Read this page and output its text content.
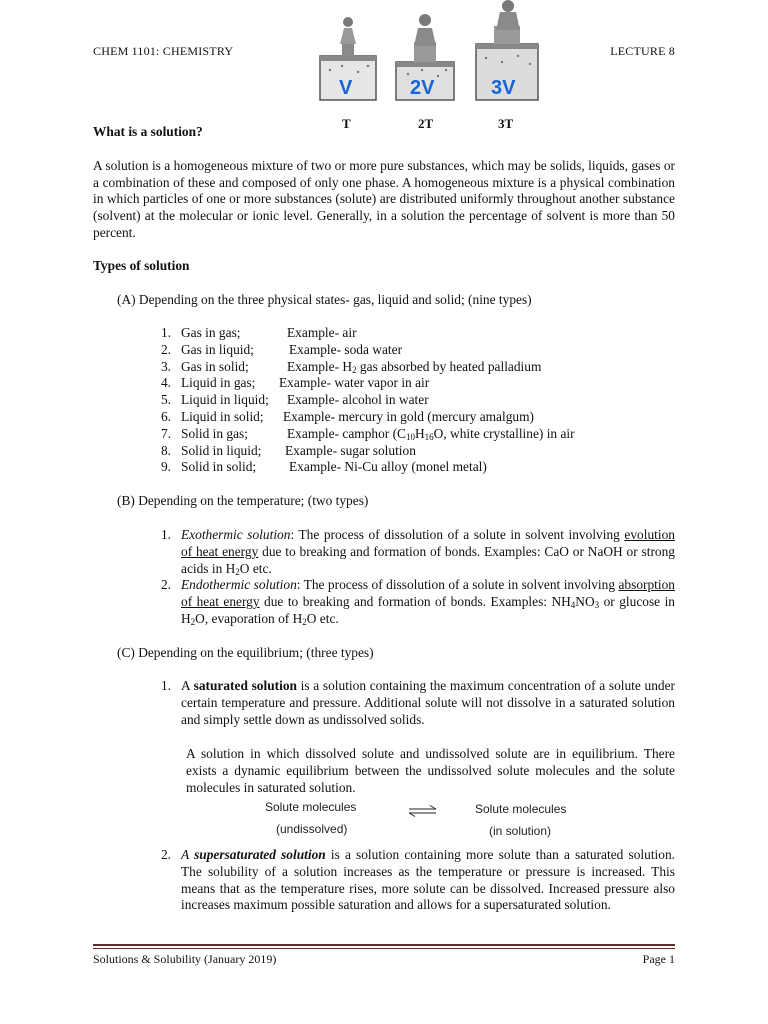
CHEM 1101: CHEMISTRY	LECTURE 8
V	2V	3V
T	2T	3T
What is a solution?

A solution is a homogeneous mixture of two or more pure substances, which may be solids, liquids, gases or a combination of these and composed of only one phase. A homogeneous mixture is a physical combination in which particles of one or more substances (solute) are distributed uniformly throughout another substance (solvent) at the molecular or ionic level. Generally, in a solution the percentage of solvent is more than 50 percent.

Types of solution
(A) Depending on the three physical states- gas, liquid and solid; (nine types)
1. Gas in gas;	Example- air
2. Gas in liquid;	Example- soda water
3. Gas in solid;	Example- $H_2$ gas absorbed by heated palladium
4. Liquid in gas;	Example- water vapor in air
5. Liquid in liquid;	Example- alcohol in water
6. Liquid in solid;	Example- mercury in gold (mercury amalgum)
7. Solid in gas;	Example- camphor ($C_{10}H_{16}O$, white crystalline) in air
8. Solid in liquid;	Example- sugar solution
9. Solid in solid;	Example- Ni-Cu alloy (monel metal)
(B) Depending on the temperature; (two types)
1. Exothermic solution: The process of dissolution of a solute in solvent involving evolution of heat energy due to breaking and formation of bonds. Examples: CaO or NaOH or strong acids in $H_2O$ etc.
2. Endothermic solution: The process of dissolution of a solute in solvent involving absorption of heat energy due to breaking and formation of bonds. Examples: $NH_4NO_3$ or glucose in $H_2O$, evaporation of $H_2O$ etc.
(C) Depending on the equilibrium; (three types)
1. A saturated solution is a solution containing the maximum concentration of a solute under certain temperature and pressure. Additional solute will not dissolve in a saturated solution and simply settle down as undissolved solids.

A solution in which dissolved solute and undissolved solute are in equilibrium. There exists a dynamic equilibrium between the undissolved solute molecules and the solute molecules in saturated solution.

Solute molecules
(undissolved)
Solute molecules
(in solution)
2. A supersaturated solution is a solution containing more solute than a saturated solution. The solubility of a solution increases as the temperature or pressure is increased. This means that as the temperature rises, more solute can be dissolved. Increased pressure also increases maximum possible saturation and allows for a supersaturated solution.
Solutions & Solubility (January 2019)	Page 1
